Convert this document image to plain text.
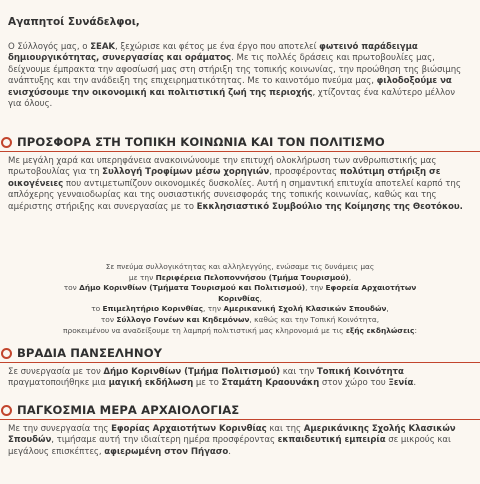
Αγαπητοί Συνάδελφοι,
Ο Σύλλογός μας, ο ΣΕΑΚ, ξεχώρισε και φέτος με ένα έργο που αποτελεί φωτεινό παράδειγμα δημιουργικότητας, συνεργασίας και οράματος. Με τις πολλές δράσεις και πρωτοβουλίες μας, δείχνουμε έμπρακτα την αφοσίωσή μας στη στήριξη της τοπικής κοινωνίας, την προώθηση της βιώσιμης ανάπτυξης και την ανάδειξη της επιχειρηματικότητας. Με το καινοτόμο πνεύμα μας, φιλοδοξούμε να ενισχύσουμε την οικονομική και πολιτιστική ζωή της περιοχής, χτίζοντας ένα καλύτερο μέλλον για όλους.
ΠΡΟΣΦΟΡΑ ΣΤΗ ΤΟΠΙΚΗ ΚΟΙΝΩΝΙΑ ΚΑΙ ΤΟΝ ΠΟΛΙΤΙΣΜΟ
Με μεγάλη χαρά και υπερηφάνεια ανακοινώνουμε την επιτυχή ολοκλήρωση των ανθρωπιστικής μας πρωτοβουλίας για τη Συλλογή Τροφίμων μέσω χορηγιών, προσφέροντας πολύτιμη στήριξη σε οικογένειες που αντιμετωπίζουν οικονομικές δυσκολίες. Αυτή η σημαντική επιτυχία αποτελεί καρπό της απλόχερης γενναιοδωρίας και της ουσιαστικής συνεισφοράς της τοπικής κοινωνίας, καθώς και της αμέριστης στήριξης και συνεργασίας με το Εκκλησιαστικό Συμβούλιο της Κοίμησης της Θεοτόκου.
Σε πνεύμα συλλογικότητας και αλληλεγγύης, ενώσαμε τις δυνάμεις μας
με την Περιφέρεια Πελοποννήσου (Τμήμα Τουρισμού),
τον Δήμο Κορινθίων (Τμήματα Τουρισμού και Πολιτισμού), την Εφορεία Αρχαιοτήτων Κορινθίας,
το Επιμελητήριο Κορινθίας, την Αμερικανική Σχολή Κλασικών Σπουδών,
τον Σύλλογο Γονέων και Κηδεμόνων, καθώς και την Τοπική Κοινότητα,
προκειμένου να αναδείξουμε τη λαμπρή πολιτιστική μας κληρονομιά με τις εξής εκδηλώσεις:
ΒΡΑΔΙΑ ΠΑΝΣΕΛΗΝΟΥ
Σε συνεργασία με τον Δήμο Κορινθίων (Τμήμα Πολιτισμού) και την Τοπική Κοινότητα πραγματοποιήθηκε μια μαγική εκδήλωση με το Σταμάτη Κραουνάκη στον χώρο του Ξενία.
ΠΑΓΚΟΣΜΙΑ ΜΕΡΑ ΑΡΧΑΙΟΛΟΓΙΑΣ
Με την συνεργασία της Εφορίας Αρχαιοτήτων Κορινθίας και της Αμερικάνικης Σχολής Κλασικών Σπουδών, τιμήσαμε αυτή την ιδιαίτερη ημέρα προσφέροντας εκπαιδευτική εμπειρία σε μικρούς και μεγάλους επισκέπτες, αφιερωμένη στον Πήγασο.
